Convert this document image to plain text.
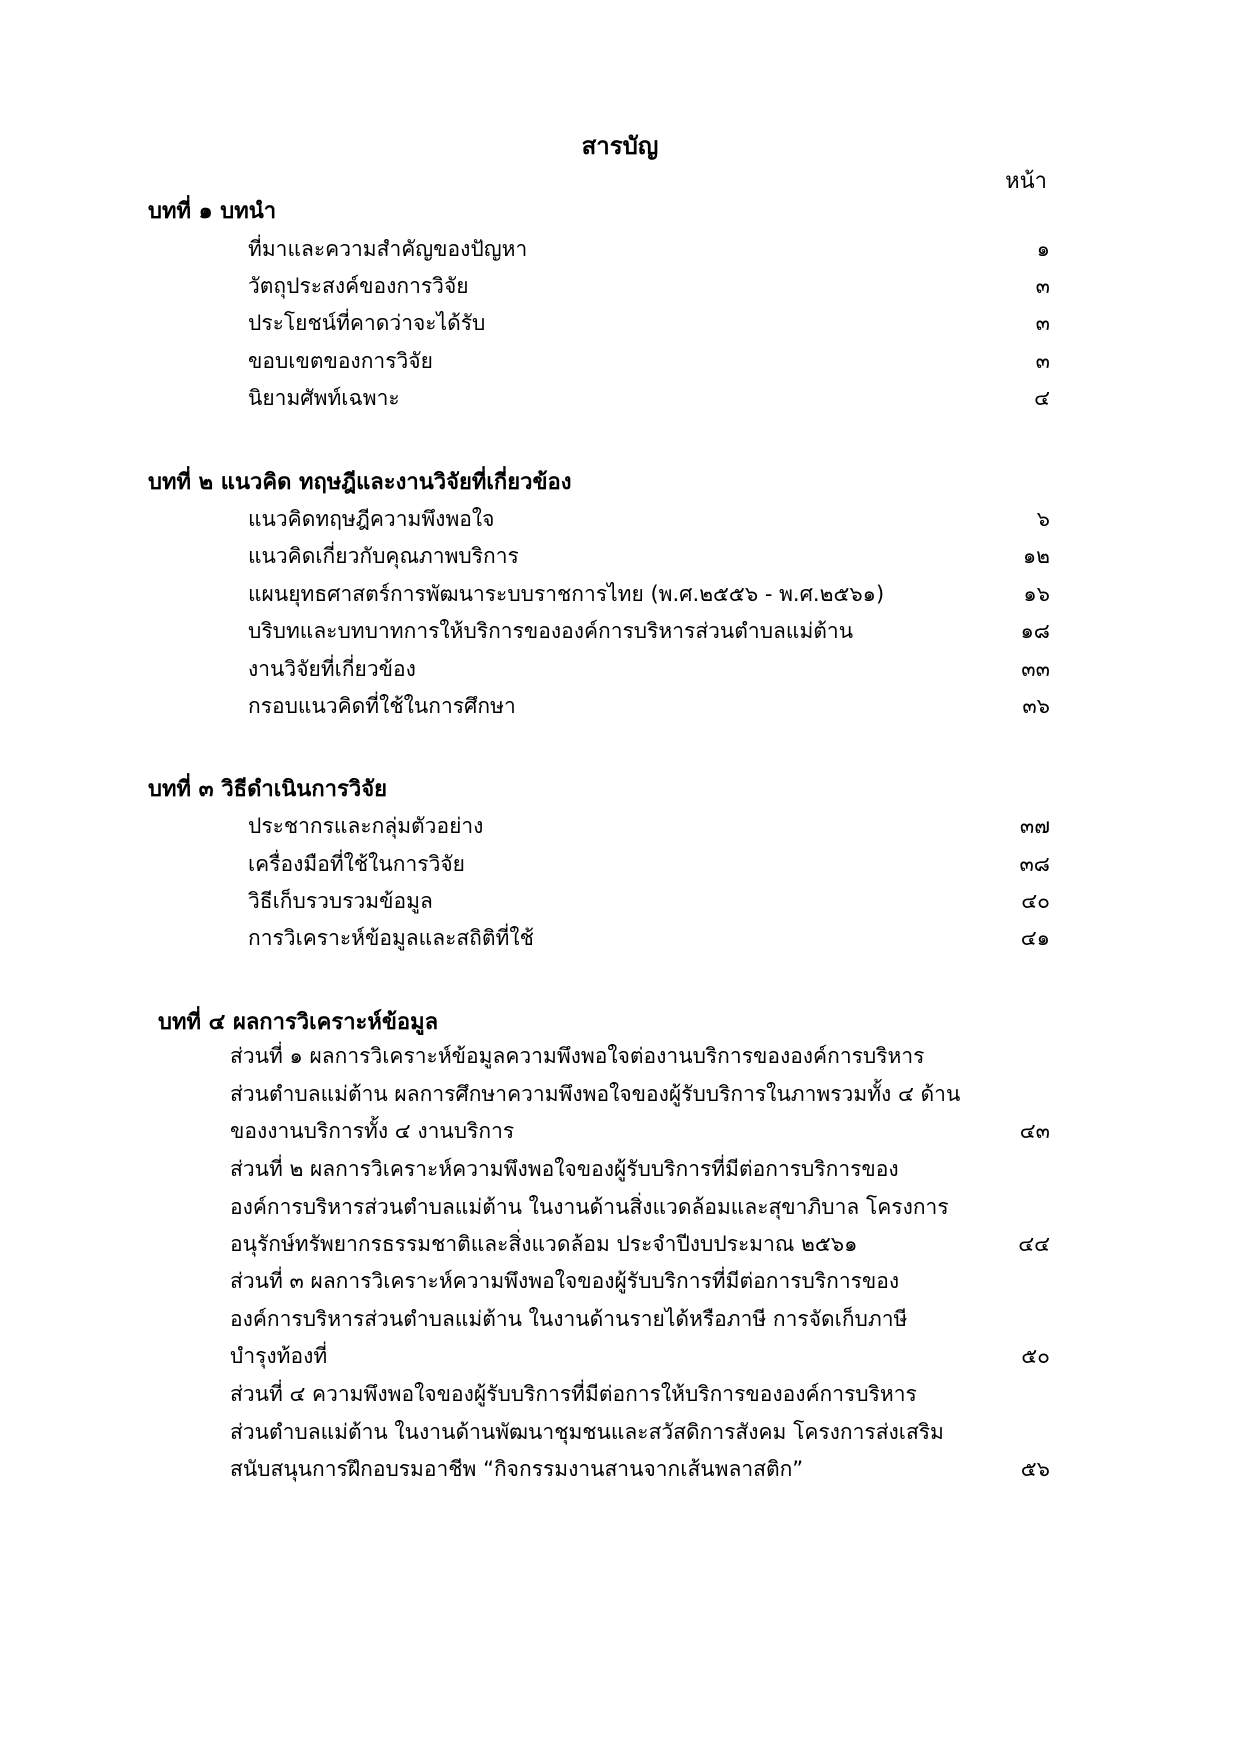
สารบัญ
หน้า
บทที่ ๑ บทนำ
ที่มาและความสำคัญของปัญหา	๑
วัตถุประสงค์ของการวิจัย	๓
ประโยชน์ที่คาดว่าจะได้รับ	๓
ขอบเขตของการวิจัย	๓
นิยามศัพท์เฉพาะ	๔
บทที่ ๒ แนวคิด ทฤษฎีและงานวิจัยที่เกี่ยวข้อง
แนวคิดทฤษฎีความพึงพอใจ	๖
แนวคิดเกี่ยวกับคุณภาพบริการ	๑๒
แผนยุทธศาสตร์การพัฒนาระบบราชการไทย (พ.ศ.๒๕๕๖ - พ.ศ.๒๕๖๑)	๑๖
บริบทและบทบาทการให้บริการขององค์การบริหารส่วนตำบลแม่ต้าน	๑๘
งานวิจัยที่เกี่ยวข้อง	๓๓
กรอบแนวคิดที่ใช้ในการศึกษา	๓๖
บทที่ ๓ วิธีดำเนินการวิจัย
ประชากรและกลุ่มตัวอย่าง	๓๗
เครื่องมือที่ใช้ในการวิจัย	๓๘
วิธีเก็บรวบรวมข้อมูล	๔๐
การวิเคราะห์ข้อมูลและสถิติที่ใช้	๔๑
บทที่ ๔ ผลการวิเคราะห์ข้อมูล
ส่วนที่ ๑ ผลการวิเคราะห์ข้อมูลความพึงพอใจต่องานบริการขององค์การบริหาร
ส่วนตำบลแม่ต้าน ผลการศึกษาความพึงพอใจของผู้รับบริการในภาพรวมทั้ง ๔ ด้าน
ของงานบริการทั้ง ๔ งานบริการ	๔๓
ส่วนที่ ๒ ผลการวิเคราะห์ความพึงพอใจของผู้รับบริการที่มีต่อการบริการของ
องค์การบริหารส่วนตำบลแม่ต้าน ในงานด้านสิ่งแวดล้อมและสุขาภิบาล โครงการ
อนุรักษ์ทรัพยากรธรรมชาติและสิ่งแวดล้อม ประจำปีงบประมาณ ๒๕๖๑	๔๔
ส่วนที่ ๓ ผลการวิเคราะห์ความพึงพอใจของผู้รับบริการที่มีต่อการบริการของ
องค์การบริหารส่วนตำบลแม่ต้าน ในงานด้านรายได้หรือภาษี การจัดเก็บภาษี
บำรุงท้องที่	๕๐
ส่วนที่ ๔ ความพึงพอใจของผู้รับบริการที่มีต่อการให้บริการขององค์การบริหาร
ส่วนตำบลแม่ต้าน ในงานด้านพัฒนาชุมชนและสวัสดิการสังคม โครงการส่งเสริม
สนับสนุนการฝึกอบรมอาชีพ “กิจกรรมงานสานจากเส้นพลาสติก”	๕๖
